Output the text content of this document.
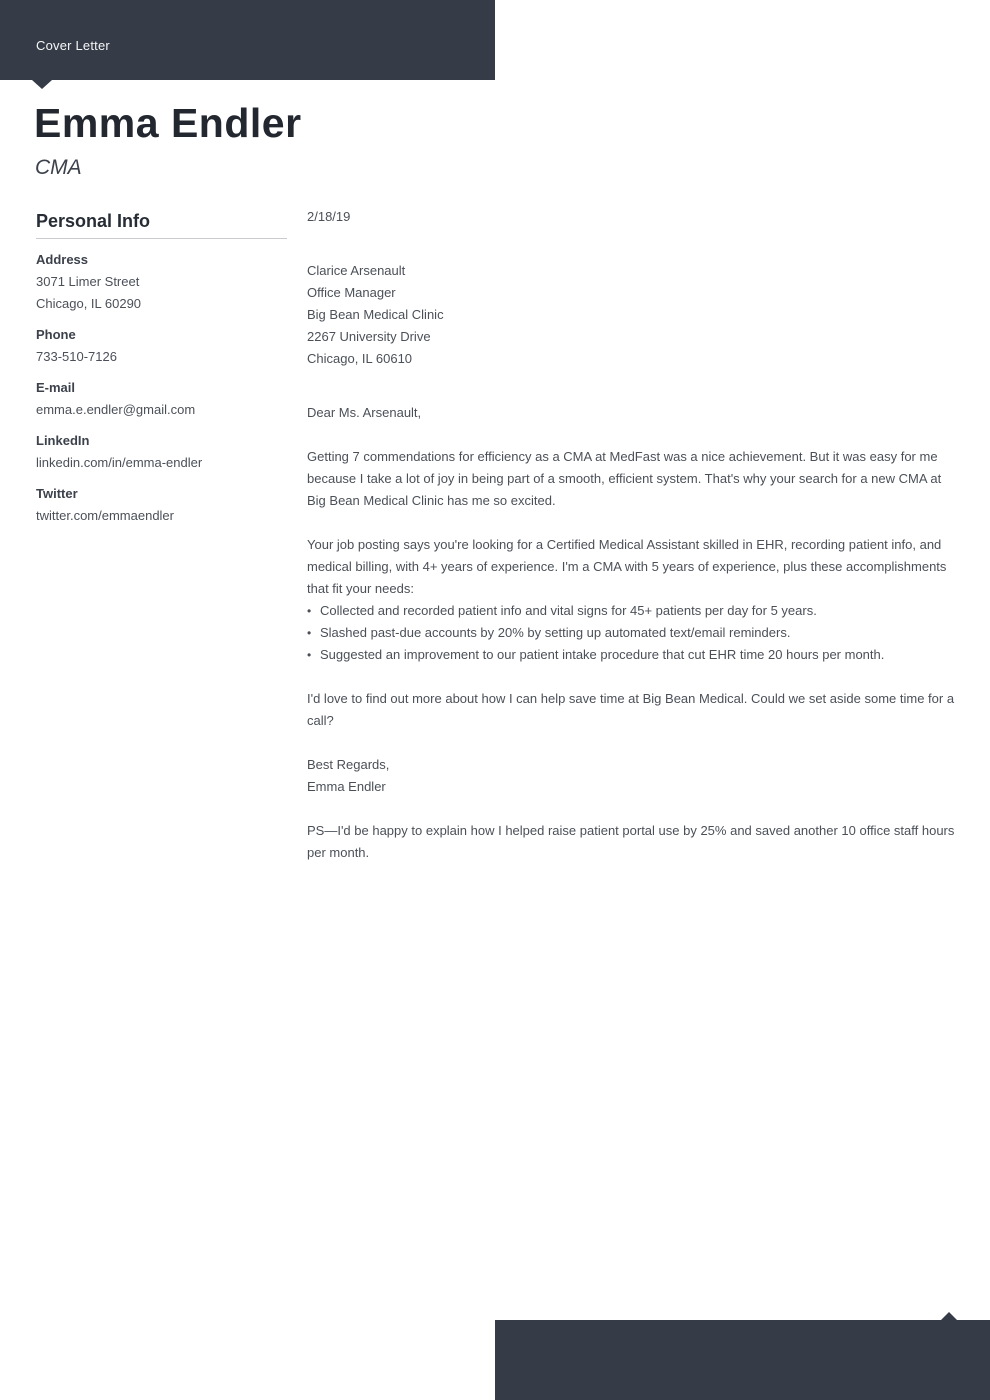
Cover Letter
Emma Endler
CMA
Personal Info
Address
3071 Limer Street
Chicago, IL 60290
Phone
733-510-7126
E-mail
emma.e.endler@gmail.com
LinkedIn
linkedin.com/in/emma-endler
Twitter
twitter.com/emmaendler
2/18/19
Clarice Arsenault
Office Manager
Big Bean Medical Clinic
2267 University Drive
Chicago, IL 60610
Dear Ms. Arsenault,

Getting 7 commendations for efficiency as a CMA at MedFast was a nice achievement. But it was easy for me because I take a lot of joy in being part of a smooth, efficient system. That's why your search for a new CMA at Big Bean Medical Clinic has me so excited.

Your job posting says you're looking for a Certified Medical Assistant skilled in EHR, recording patient info, and medical billing, with 4+ years of experience. I'm a CMA with 5 years of experience, plus these accomplishments that fit your needs:

• Collected and recorded patient info and vital signs for 45+ patients per day for 5 years.
• Slashed past-due accounts by 20% by setting up automated text/email reminders.
• Suggested an improvement to our patient intake procedure that cut EHR time 20 hours per month.

I'd love to find out more about how I can help save time at Big Bean Medical. Could we set aside some time for a call?

Best Regards,
Emma Endler

PS—I'd be happy to explain how I helped raise patient portal use by 25% and saved another 10 office staff hours per month.
